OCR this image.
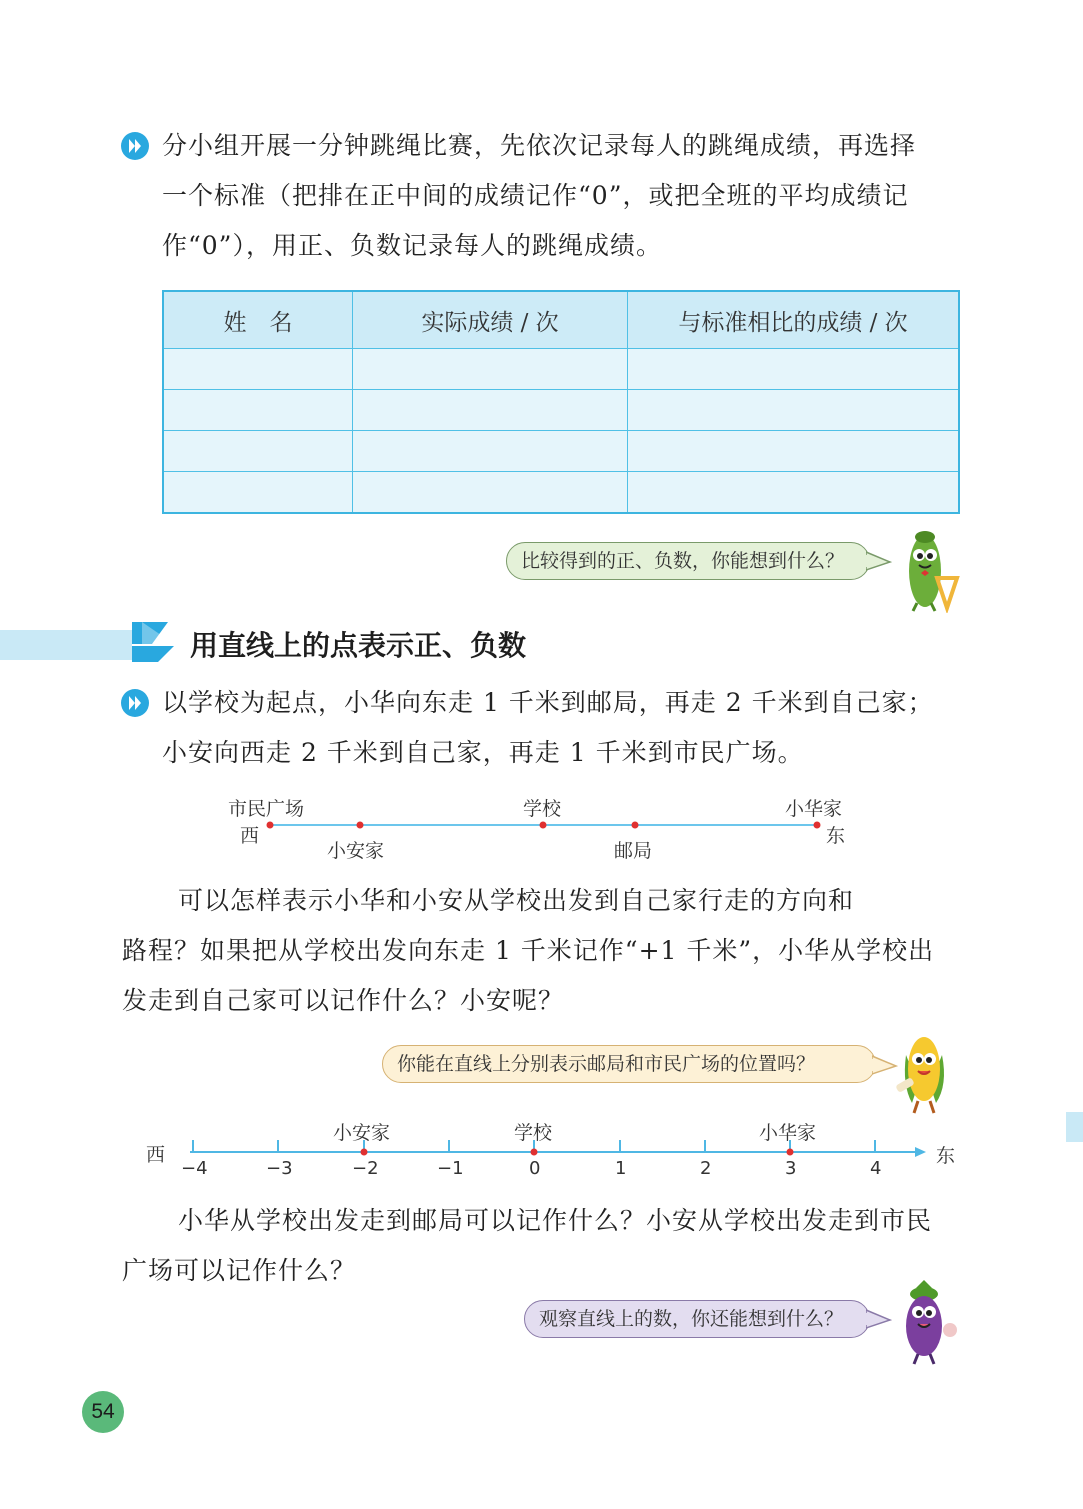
分小组开展一分钟跳绳比赛，先依次记录每人的跳绳成绩，再选择
一个标准（把排在正中间的成绩记作“0”，或把全班的平均成绩记
作“0”），用正、负数记录每人的跳绳成绩。
姓　名	实际成绩 / 次	与标准相比的成绩 / 次

比较得到的正、负数，你能想到什么？
用直线上的点表示正、负数
以学校为起点，小华向东走 1 千米到邮局，再走 2 千米到自己家；
小安向西走 2 千米到自己家，再走 1 千米到市民广场。
市民广场
西
小安家
学校
邮局
小华家
东
可以怎样表示小华和小安从学校出发到自己家行走的方向和
路程？如果把从学校出发向东走 1 千米记作“+1 千米”，小华从学校出
发走到自己家可以记作什么？小安呢？
你能在直线上分别表示邮局和市民广场的位置吗？
西	东
小安家	学校	小华家
−4	−3	−2	−1	0	1	2	3	4
小华从学校出发走到邮局可以记作什么？小安从学校出发走到市民
广场可以记作什么？
观察直线上的数，你还能想到什么？
54
